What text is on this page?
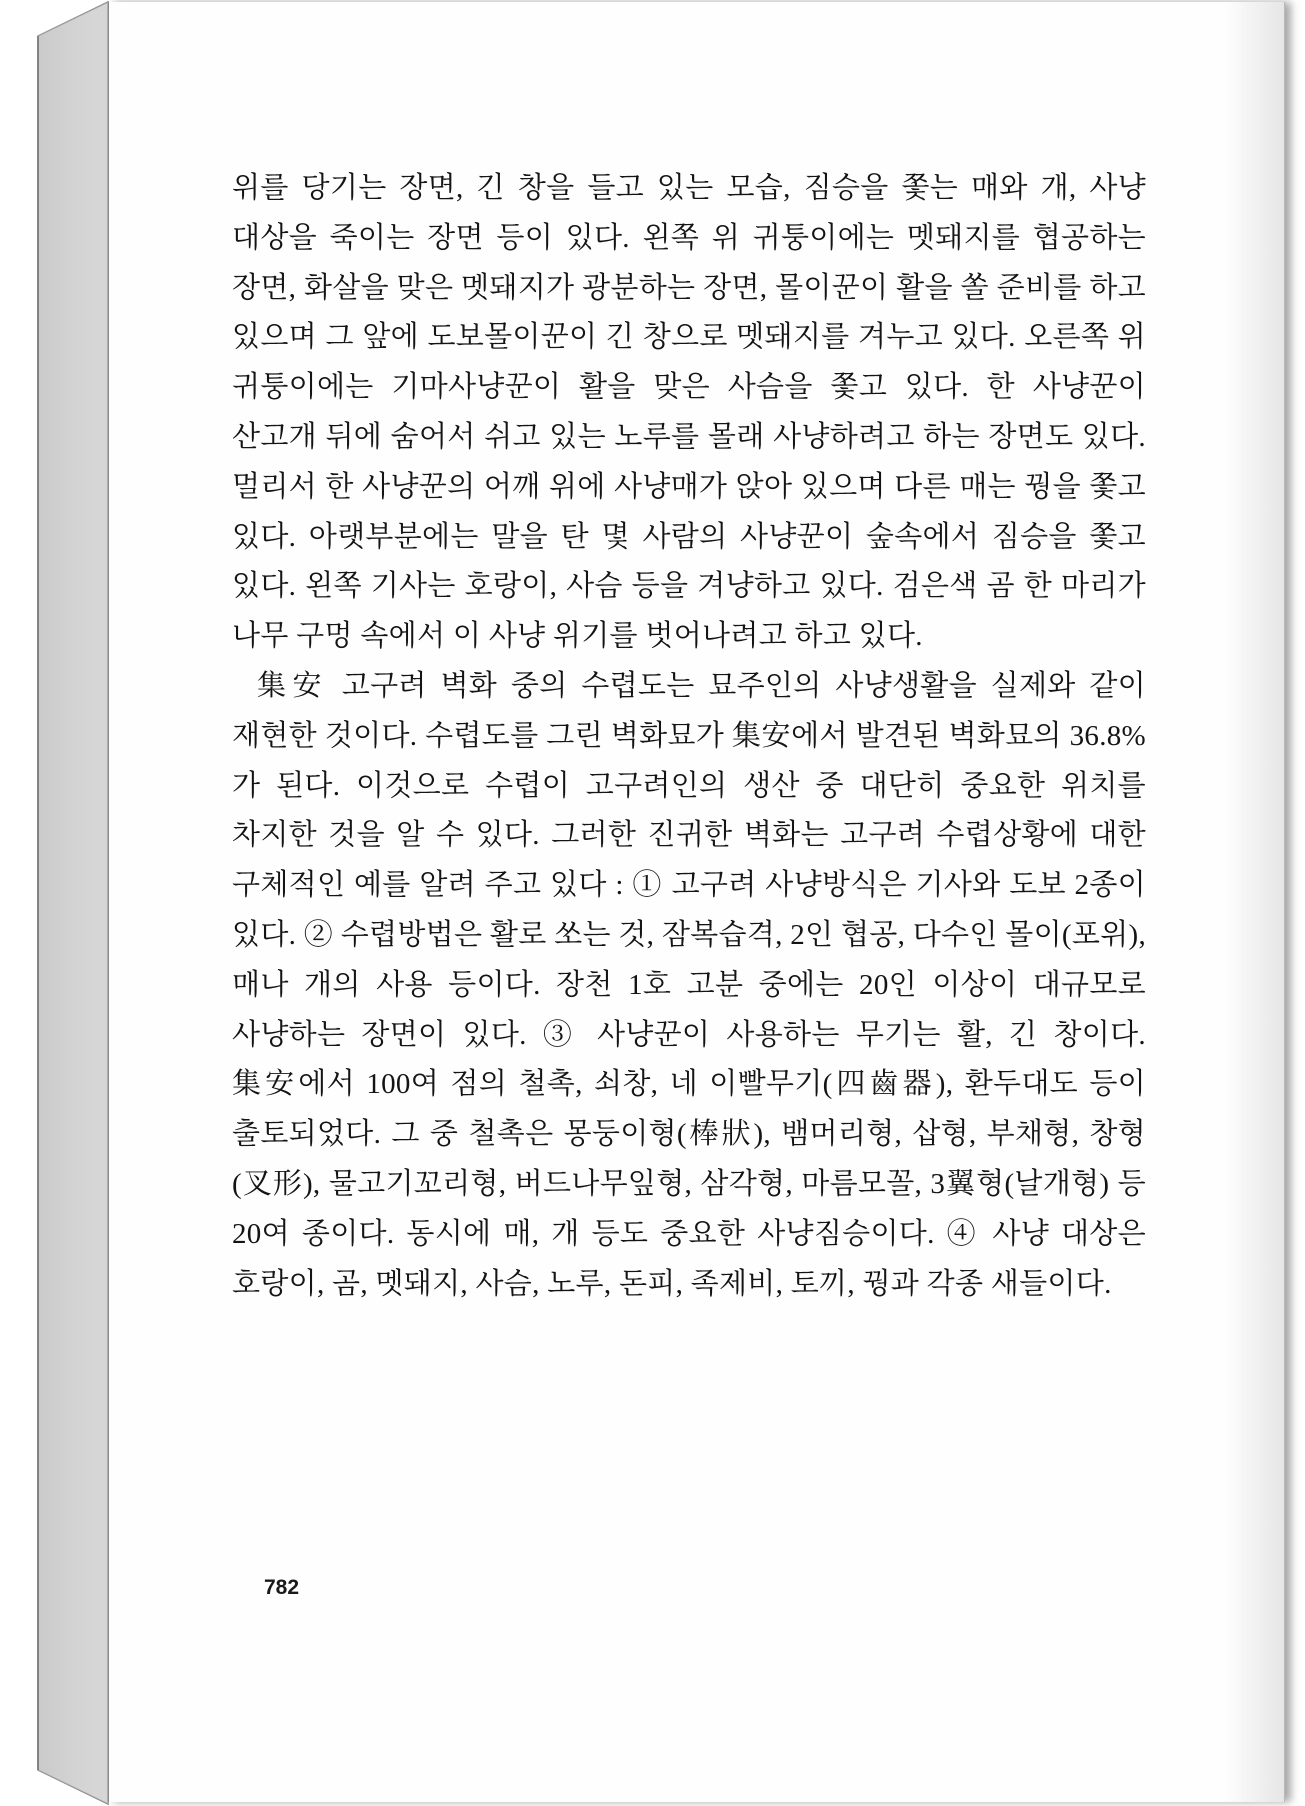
위를 당기는 장면, 긴 창을 들고 있는 모습, 짐승을 쫓는 매와 개, 사냥 대상을 죽이는 장면 등이 있다. 왼쪽 위 귀퉁이에는 멧돼지를 협공하는 장면, 화살을 맞은 멧돼지가 광분하는 장면, 몰이꾼이 활을 쏠 준비를 하고 있으며 그 앞에 도보몰이꾼이 긴 창으로 멧돼지를 겨누고 있다. 오른쪽 위 귀퉁이에는 기마사냥꾼이 활을 맞은 사슴을 쫓고 있다. 한 사냥꾼이 산고개 뒤에 숨어서 쉬고 있는 노루를 몰래 사냥하려고 하는 장면도 있다. 멀리서 한 사냥꾼의 어깨 위에 사냥매가 앉아 있으며 다른 매는 꿩을 쫓고 있다. 아랫부분에는 말을 탄 몇 사람의 사냥꾼이 숲속에서 짐승을 쫓고 있다. 왼쪽 기사는 호랑이, 사슴 등을 겨냥하고 있다. 검은색 곰 한 마리가 나무 구멍 속에서 이 사냥 위기를 벗어나려고 하고 있다.

集安 고구려 벽화 중의 수렵도는 묘주인의 사냥생활을 실제와 같이 재현한 것이다. 수렵도를 그린 벽화묘가 集安에서 발견된 벽화묘의 36.8%가 된다. 이것으로 수렵이 고구려인의 생산 중 대단히 중요한 위치를 차지한 것을 알 수 있다. 그러한 진귀한 벽화는 고구려 수렵상황에 대한 구체적인 예를 알려 주고 있다 : ① 고구려 사냥방식은 기사와 도보 2종이 있다. ② 수렵방법은 활로 쏘는 것, 잠복습격, 2인 협공, 다수인 몰이(포위), 매나 개의 사용 등이다. 장천 1호 고분 중에는 20인 이상이 대규모로 사냥하는 장면이 있다. ③ 사냥꾼이 사용하는 무기는 활, 긴 창이다. 集安에서 100여 점의 철촉, 쇠창, 네 이빨무기(四齒器), 환두대도 등이 출토되었다. 그 중 철촉은 몽둥이형(棒狀), 뱀머리형, 삽형, 부채형, 창형(叉形), 물고기꼬리형, 버드나무잎형, 삼각형, 마름모꼴, 3翼형(날개형) 등 20여 종이다. 동시에 매, 개 등도 중요한 사냥짐승이다. ④ 사냥 대상은 호랑이, 곰, 멧돼지, 사슴, 노루, 돈피, 족제비, 토끼, 꿩과 각종 새들이다.

782
